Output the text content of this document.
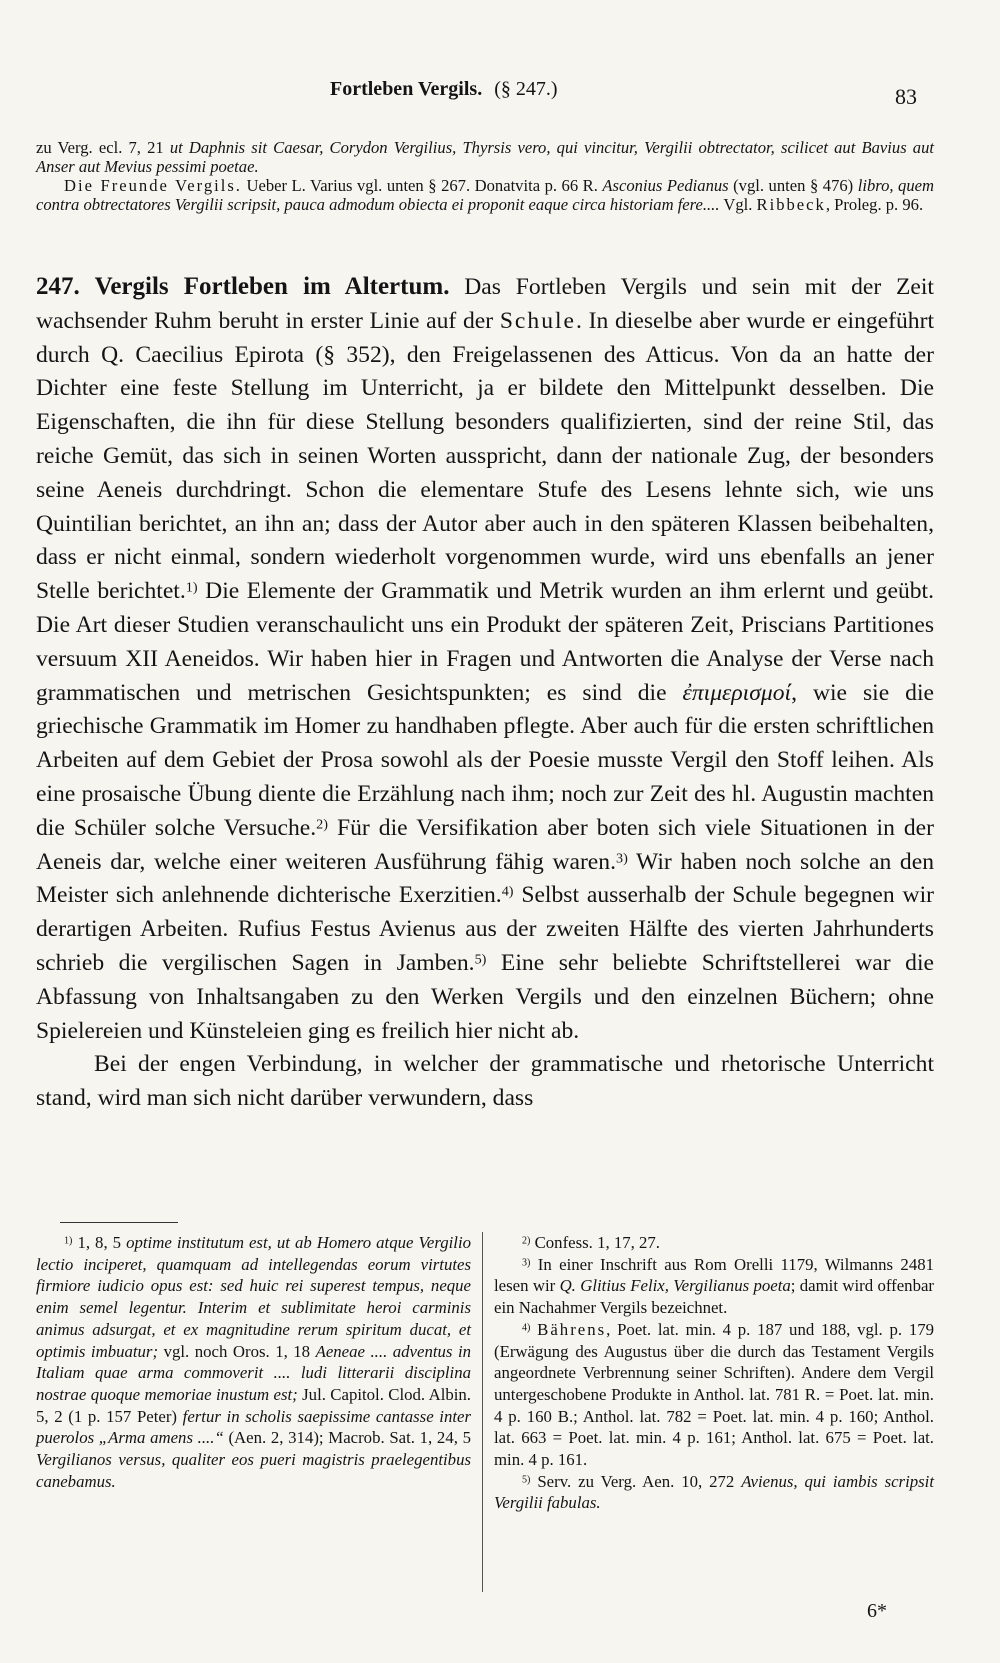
Fortleben Vergils. (§ 247.)	83

zu Verg. ecl. 7, 21 ut Daphnis sit Caesar, Corydon Vergilius, Thyrsis vero, qui vincitur, Vergilii obtrectator, scilicet aut Bavius aut Anser aut Mevius pessimi poetae.

Die Freunde Vergils. Ueber L. Varius vgl. unten § 267. Donatvita p. 66 R. Asconius Pedianus (vgl. unten § 476) libro, quem contra obtrectatores Vergilii scripsit, pauca admodum obiecta ei proponit eaque circa historiam fere.... Vgl. Ribbeck, Proleg. p. 96.

247. Vergils Fortleben im Altertum. Das Fortleben Vergils und sein mit der Zeit wachsender Ruhm beruht in erster Linie auf der Schule. In dieselbe aber wurde er eingeführt durch Q. Caecilius Epirota (§ 352), den Freigelassenen des Atticus. Von da an hatte der Dichter eine feste Stellung im Unterricht, ja er bildete den Mittelpunkt desselben. Die Eigenschaften, die ihn für diese Stellung besonders qualifizierten, sind der reine Stil, das reiche Gemüt, das sich in seinen Worten ausspricht, dann der nationale Zug, der besonders seine Aeneis durchdringt. Schon die elementare Stufe des Lesens lehnte sich, wie uns Quintilian berichtet, an ihn an; dass der Autor aber auch in den späteren Klassen beibehalten, dass er nicht einmal, sondern wiederholt vorgenommen wurde, wird uns ebenfalls an jener Stelle berichtet.$^{1)}$ Die Elemente der Grammatik und Metrik wurden an ihm erlernt und geübt. Die Art dieser Studien veranschaulicht uns ein Produkt der späteren Zeit, Priscians Partitiones versuum XII Aeneidos. Wir haben hier in Fragen und Antworten die Analyse der Verse nach grammatischen und metrischen Gesichtspunkten; es sind die ἐπιμερισμοί, wie sie die griechische Grammatik im Homer zu handhaben pflegte. Aber auch für die ersten schriftlichen Arbeiten auf dem Gebiet der Prosa sowohl als der Poesie musste Vergil den Stoff leihen. Als eine prosaische Übung diente die Erzählung nach ihm; noch zur Zeit des hl. Augustin machten die Schüler solche Versuche.$^{2)}$ Für die Versifikation aber boten sich viele Situationen in der Aeneis dar, welche einer weiteren Ausführung fähig waren.$^{3)}$ Wir haben noch solche an den Meister sich anlehnende dichterische Exerzitien.$^{4)}$ Selbst ausserhalb der Schule begegnen wir derartigen Arbeiten. Rufius Festus Avienus aus der zweiten Hälfte des vierten Jahrhunderts schrieb die vergilischen Sagen in Jamben.$^{5)}$ Eine sehr beliebte Schriftstellerei war die Abfassung von Inhaltsangaben zu den Werken Vergils und den einzelnen Büchern; ohne Spielereien und Künsteleien ging es freilich hier nicht ab.

Bei der engen Verbindung, in welcher der grammatische und rhetorische Unterricht stand, wird man sich nicht darüber verwundern, dass

$^{1)}$ 1, 8, 5 optime institutum est, ut ab Homero atque Vergilio lectio inciperet, quamquam ad intellegendas eorum virtutes firmiore iudicio opus est: sed huic rei superest tempus, neque enim semel legentur. Interim et sublimitate heroi carminis animus adsurgat, et ex magnitudine rerum spiritum ducat, et optimis imbuatur; vgl. noch Oros. 1, 18 Aeneae .... adventus in Italiam quae arma commoverit .... ludi litterarii disciplina nostrae quoque memoriae inustum est; Jul. Capitol. Clod. Albin. 5, 2 (1 p. 157 Peter) fertur in scholis saepissime cantasse inter puerolos „Arma amens ....“ (Aen. 2, 314); Macrob. Sat. 1, 24, 5 Vergilianos versus, qualiter eos pueri magistris praelegentibus canebamus.

$^{2)}$ Confess. 1, 17, 27.

$^{3)}$ In einer Inschrift aus Rom Orelli 1179, Wilmanns 2481 lesen wir Q. Glitius Felix, Vergilianus poeta; damit wird offenbar ein Nachahmer Vergils bezeichnet.

$^{4)}$ Bährens, Poet. lat. min. 4 p. 187 und 188, vgl. p. 179 (Erwägung des Augustus über die durch das Testament Vergils angeordnete Verbrennung seiner Schriften). Andere dem Vergil untergeschobene Produkte in Anthol. lat. 781 R. = Poet. lat. min. 4 p. 160 B.; Anthol. lat. 782 = Poet. lat. min. 4 p. 160; Anthol. lat. 663 = Poet. lat. min. 4 p. 161; Anthol. lat. 675 = Poet. lat. min. 4 p. 161.

$^{5)}$ Serv. zu Verg. Aen. 10, 272 Avienus, qui iambis scripsit Vergilii fabulas.

6*
